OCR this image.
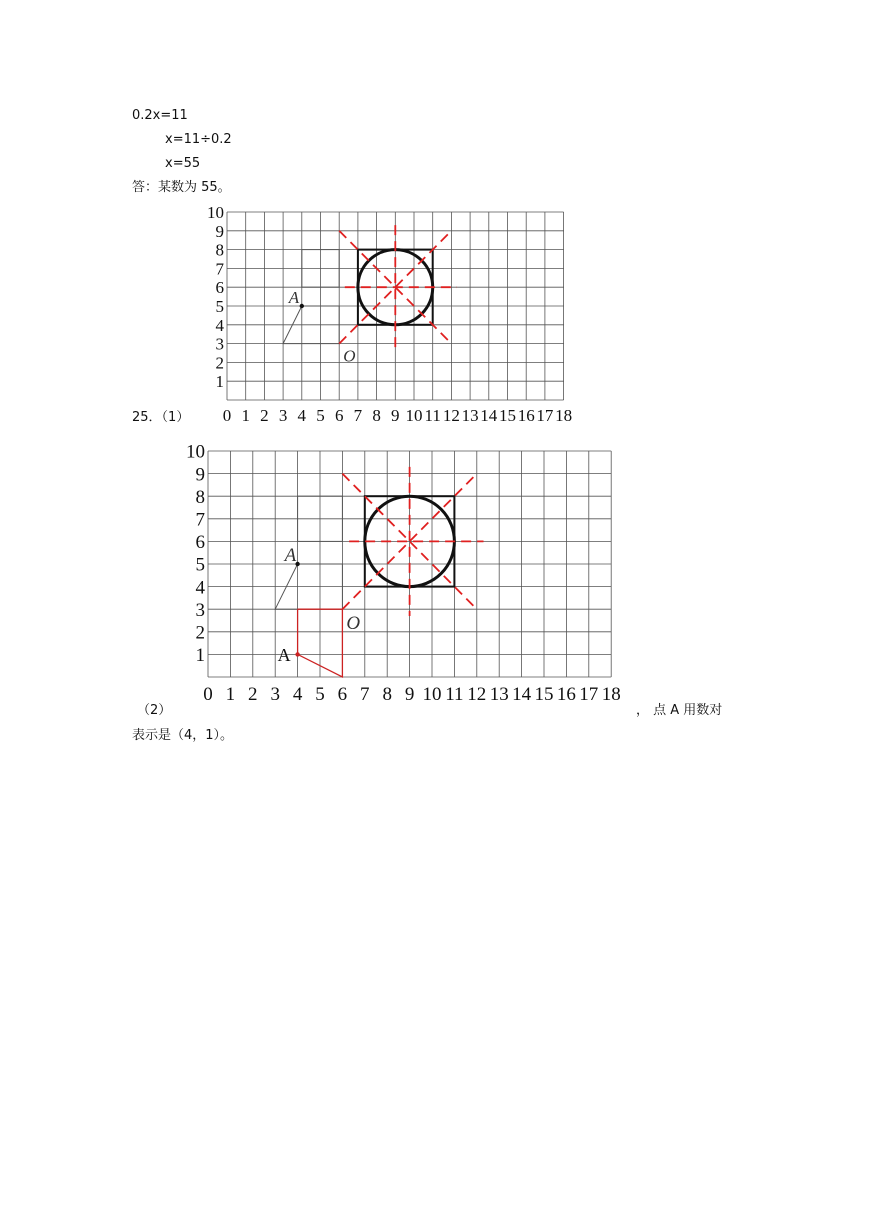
0.2x=11
x=11÷0.2
x=55
答：某数为 55。
0 1 2 3 4 5 6 7 8 9 10 11 12 13 14 15 16 17 18
1
2
3
4
5
6
7
8
9
10
A
O
25．（1）
0 1 2 3 4 5 6 7 8 9 10 11 12 13 14 15 16 17 18
1
2
3
4
5
6
7
8
9
10
A
O
A
（2）	， 点 A 用数对
表示是（4，1）。
